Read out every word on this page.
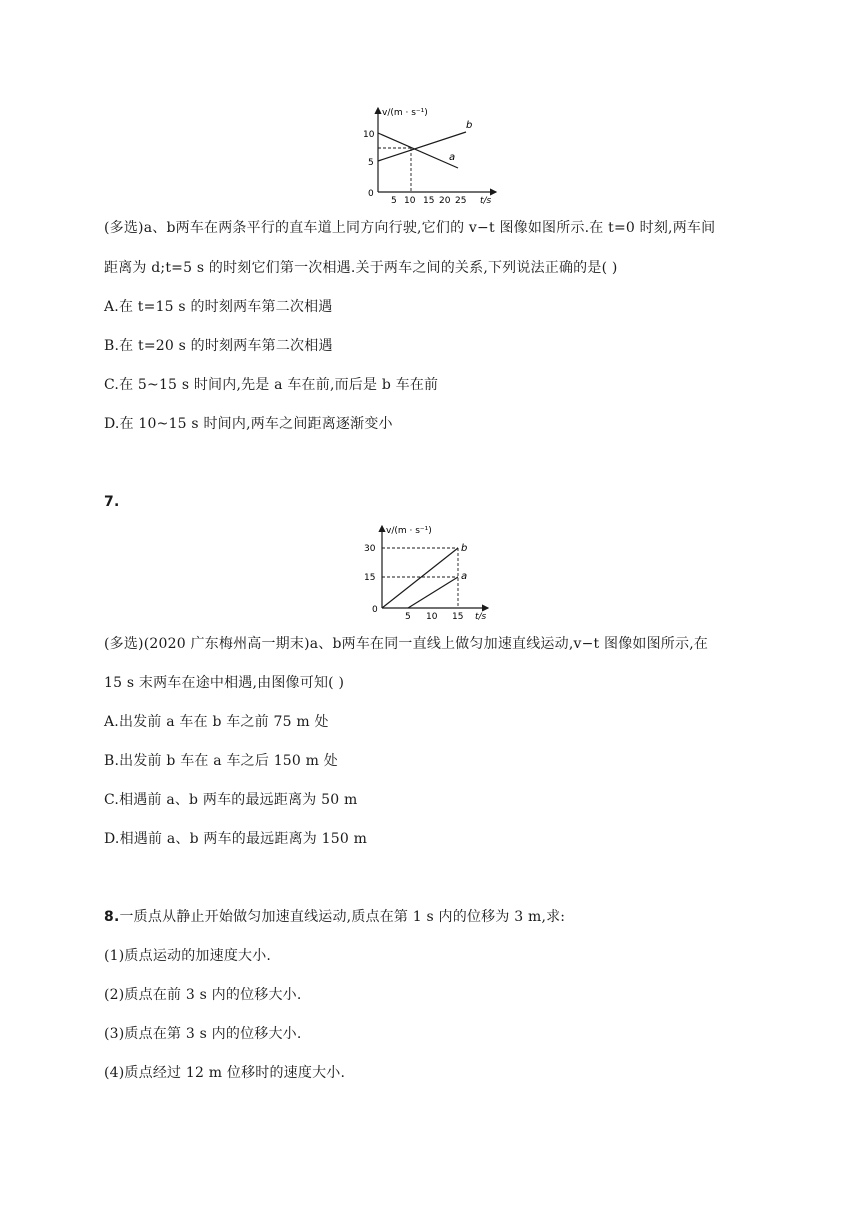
v/(m · s⁻¹)
t/s
10
5
0
5 10 15 20 25
b
a
(多选)a、b两车在两条平行的直车道上同方向行驶,它们的 v−t 图像如图所示.在 t=0 时刻,两车间
距离为 d;t=5 s 的时刻它们第一次相遇.关于两车之间的关系,下列说法正确的是( )
A.在 t=15 s 的时刻两车第二次相遇
B.在 t=20 s 的时刻两车第二次相遇
C.在 5~15 s 时间内,先是 a 车在前,而后是 b 车在前
D.在 10~15 s 时间内,两车之间距离逐渐变小
7.
v/(m · s⁻¹)
t/s
30
15
0
5 10 15
b
a
(多选)(2020 广东梅州高一期末)a、b两车在同一直线上做匀加速直线运动,v−t 图像如图所示,在
15 s 末两车在途中相遇,由图像可知( )
A.出发前 a 车在 b 车之前 75 m 处
B.出发前 b 车在 a 车之后 150 m 处
C.相遇前 a、b 两车的最远距离为 50 m
D.相遇前 a、b 两车的最远距离为 150 m
8.一质点从静止开始做匀加速直线运动,质点在第 1 s 内的位移为 3 m,求:
(1)质点运动的加速度大小.
(2)质点在前 3 s 内的位移大小.
(3)质点在第 3 s 内的位移大小.
(4)质点经过 12 m 位移时的速度大小.
